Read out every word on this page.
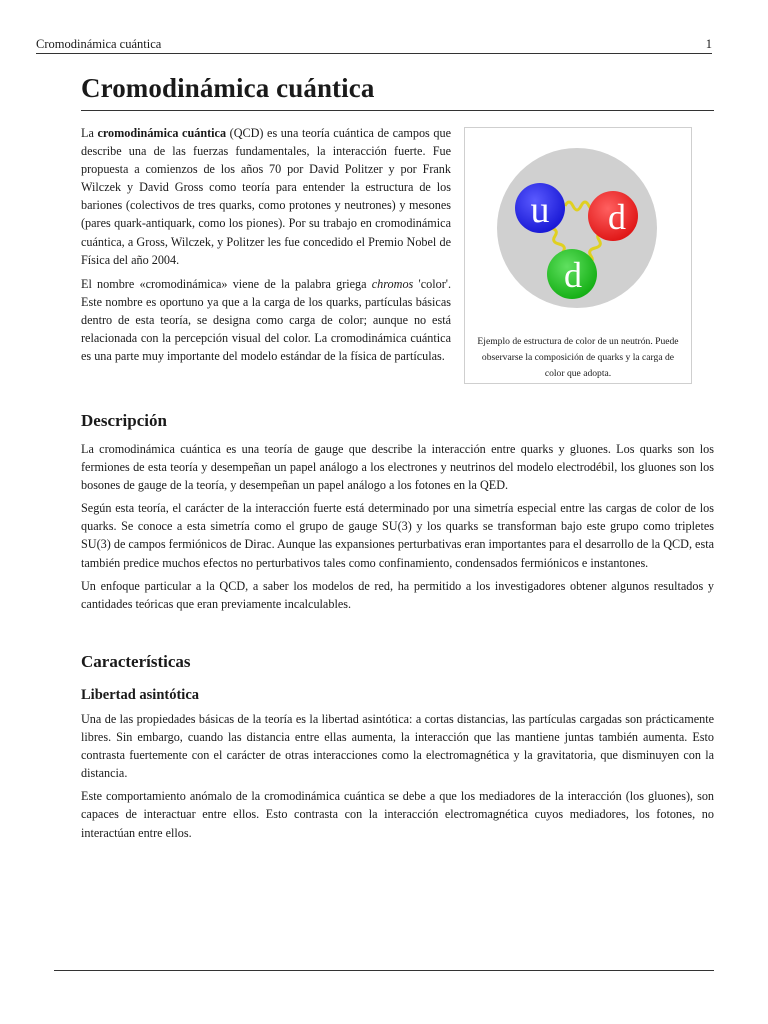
Cromodinámica cuántica	1
Cromodinámica cuántica

La cromodinámica cuántica (QCD) es una teoría cuántica de campos que describe una de las fuerzas fundamentales, la interacción fuerte. Fue propuesta a comienzos de los años 70 por David Politzer y por Frank Wilczek y David Gross como teoría para entender la estructura de los bariones (colectivos de tres quarks, como protones y neutrones) y mesones (pares quark-antiquark, como los piones). Por su trabajo en cromodinámica cuántica, a Gross, Wilczek, y Politzer les fue concedido el Premio Nobel de Física del año 2004.

El nombre «cromodinámica» viene de la palabra griega chromos 'color'. Este nombre es oportuno ya que a la carga de los quarks, partículas básicas dentro de esta teoría, se designa como carga de color; aunque no está relacionada con la percepción visual del color. La cromodinámica cuántica es una parte muy importante del modelo estándar de la física de partículas.

u d
d

Ejemplo de estructura de color de un neutrón. Puede observarse la composición de quarks y la carga de color que adopta.

Descripción

La cromodinámica cuántica es una teoría de gauge que describe la interacción entre quarks y gluones. Los quarks son los fermiones de esta teoría y desempeñan un papel análogo a los electrones y neutrinos del modelo electrodébil, los gluones son los bosones de gauge de la teoría, y desempeñan un papel análogo a los fotones en la QED.

Según esta teoría, el carácter de la interacción fuerte está determinado por una simetría especial entre las cargas de color de los quarks. Se conoce a esta simetría como el grupo de gauge SU(3) y los quarks se transforman bajo este grupo como tripletes SU(3) de campos fermiónicos de Dirac. Aunque las expansiones perturbativas eran importantes para el desarrollo de la QCD, esta también predice muchos efectos no perturbativos tales como confinamiento, condensados fermiónicos e instantones.

Un enfoque particular a la QCD, a saber los modelos de red, ha permitido a los investigadores obtener algunos resultados y cantidades teóricas que eran previamente incalculables.

Características
Libertad asintótica

Una de las propiedades básicas de la teoría es la libertad asintótica: a cortas distancias, las partículas cargadas son prácticamente libres. Sin embargo, cuando las distancia entre ellas aumenta, la interacción que las mantiene juntas también aumenta. Esto contrasta fuertemente con el carácter de otras interacciones como la electromagnética y la gravitatoria, que disminuyen con la distancia.

Este comportamiento anómalo de la cromodinámica cuántica se debe a que los mediadores de la interacción (los gluones), son capaces de interactuar entre ellos. Esto contrasta con la interacción electromagnética cuyos mediadores, los fotones, no interactúan entre ellos.
